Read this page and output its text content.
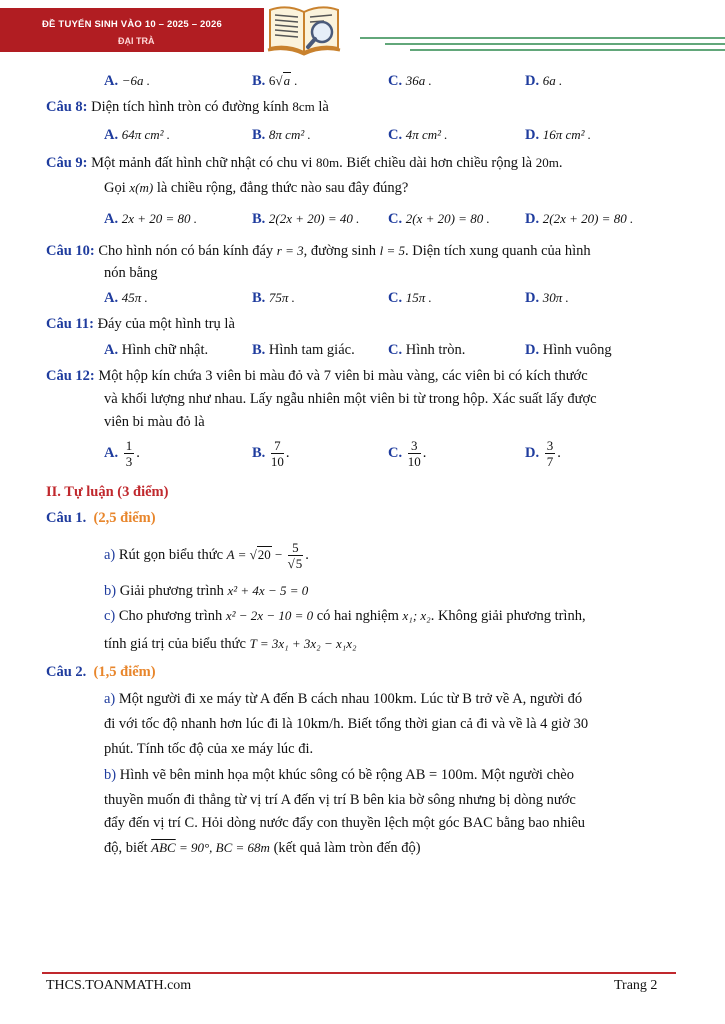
ĐỀ TUYỂN SINH VÀO 10 – 2025 – 2026
ĐẠI TRÀ
A. −6a .	B. 6√a .	C. 36a .	D. 6a .
Câu 8: Diện tích hình tròn có đường kính 8cm là
A. 64π cm² .	B. 8π cm² .	C. 4π cm² .	D. 16π cm² .
Câu 9: Một mảnh đất hình chữ nhật có chu vi 80m. Biết chiều dài hơn chiều rộng là 20m.
Gọi x(m) là chiều rộng, đẳng thức nào sau đây đúng?
A. 2x + 20 = 80 .	B. 2(2x + 20) = 40 . C. 2(x + 20) = 80 . D. 2(2x + 20) = 80 .
Câu 10: Cho hình nón có bán kính đáy r = 3, đường sinh l = 5. Diện tích xung quanh của hình
nón bằng
A. 45π .	B. 75π .	C. 15π .	D. 30π .
Câu 11: Đáy của một hình trụ là
A. Hình chữ nhật.	B. Hình tam giác. C. Hình tròn.	D. Hình vuông
Câu 12: Một hộp kín chứa 3 viên bi màu đỏ và 7 viên bi màu vàng, các viên bi có kích thước
và khối lượng như nhau. Lấy ngẫu nhiên một viên bi từ trong hộp. Xác suất lấy được
viên bi màu đỏ là
A. $\frac{1}{3}$ .	B. $\frac{7}{10}$ .	C. $\frac{3}{10}$ .	D. $\frac{3}{7}$ .
II. Tự luận (3 điểm)
Câu 1. (2,5 điểm)
a) Rút gọn biểu thức $A = √20 - \frac{5}{√5}$ .
b) Giải phương trình x² + 4x − 5 = 0
c) Cho phương trình x² − 2x − 10 = 0 có hai nghiệm x₁; x₂. Không giải phương trình,
tính giá trị của biểu thức T = 3x₁ + 3x₂ − x₁x₂
Câu 2. (1,5 điểm)
a) Một người đi xe máy từ A đến B cách nhau 100km. Lúc từ B trở về A, người đó
đi với tốc độ nhanh hơn lúc đi là 10km/h. Biết tổng thời gian cả đi và về là 4 giờ 30
phút. Tính tốc độ của xe máy lúc đi.
b) Hình vẽ bên minh họa một khúc sông có bề rộng AB = 100m. Một người chèo
thuyền muốn đi thẳng từ vị trí A đến vị trí B bên kia bờ sông nhưng bị dòng nước
đẩy đến vị trí C. Hỏi dòng nước đẩy con thuyền lệch một góc BAC bằng bao nhiêu
độ, biết $\overline{ABC} = 90^\circ$, BC = 68m (kết quả làm tròn đến độ)
THCS.TOANMATH.com	Trang 2
